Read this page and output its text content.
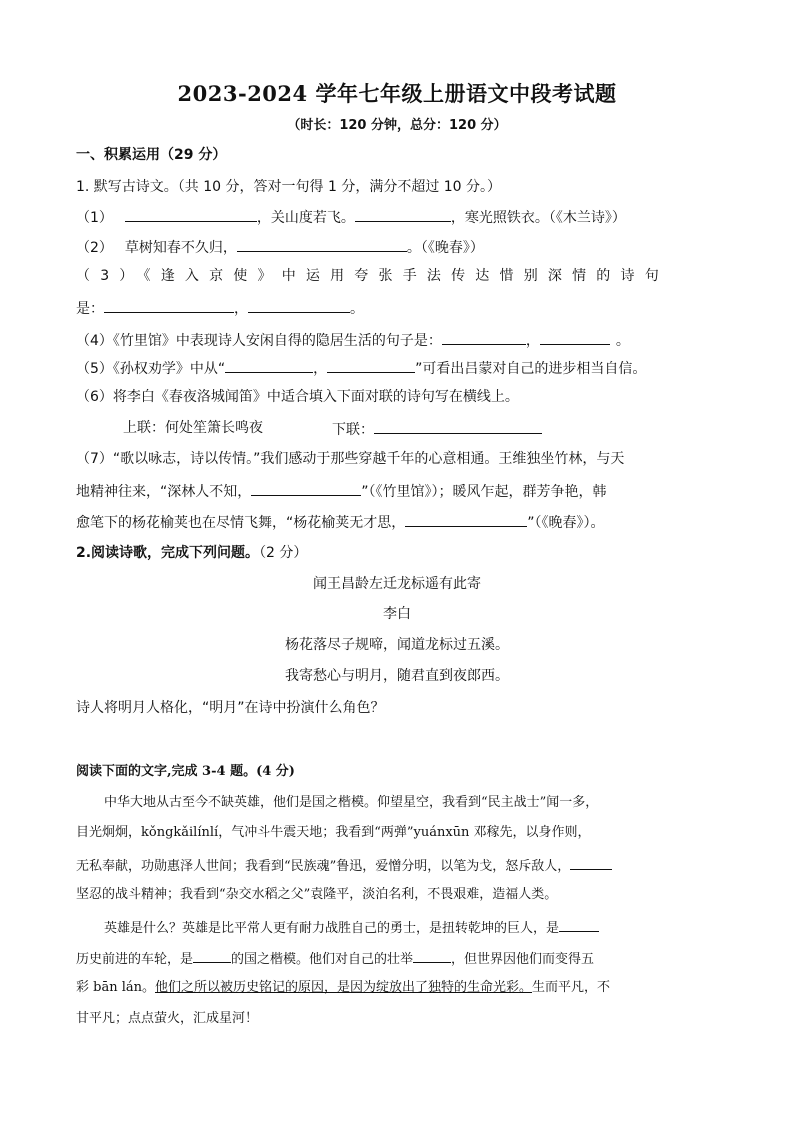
2023-2024 学年七年级上册语文中段考试题
（时长：120 分钟，总分：120 分）
一、积累运用（29 分）
1. 默写古诗文。（共 10 分，答对一句得 1 分，满分不超过 10 分。）
（1）	，关山度若飞。	，寒光照铁衣。（《木兰诗》）
（2） 草树知春不久归，	。（《晚春》）
（3）《逢入京使》中运用夸张手法传达惜别深情的诗句
是：	，	。
（4）《竹里馆》中表现诗人安闲自得的隐居生活的句子是：	，	。
（5）《孙权劝学》中从“	，	”可看出吕蒙对自己的进步相当自信。
（6）将李白《春夜洛城闻笛》中适合填入下面对联的诗句写在横线上。
上联：何处笙箫长鸣夜	下联：
（7）“歌以咏志，诗以传情。”我们感动于那些穿越千年的心意相通。王维独坐竹林，与天
地精神往来，“深林人不知，	”（《竹里馆》）；暖风乍起，群芳争艳，韩
愈笔下的杨花榆荚也在尽情飞舞，“杨花榆荚无才思，	”（《晚春》）。
2.阅读诗歌，完成下列问题。（2 分）
闻王昌龄左迁龙标遥有此寄
李白
杨花落尽子规啼，闻道龙标过五溪。
我寄愁心与明月，随君直到夜郎西。
诗人将明月人格化，“明月”在诗中扮演什么角色？
阅读下面的文字,完成 3-4 题。(4 分)
中华大地从古至今不缺英雄，他们是国之楷模。仰望星空，我看到“民主战士”闻一多，
目光炯炯，kǒngkǎilínlí，气冲斗牛震天地；我看到“两弹”yuánxūn 邓稼先，以身作则，
无私奉献，功勋惠泽人世间；我看到“民族魂”鲁迅，爱憎分明，以笔为戈，怒斥敌人，
坚忍的战斗精神；我看到“杂交水稻之父”袁隆平，淡泊名利，不畏艰难，造福人类。
英雄是什么？英雄是比平常人更有耐力战胜自己的勇士，是扭转乾坤的巨人，是
历史前进的车轮，是	的国之楷模。他们对自己的壮举	，但世界因他们而变得五
彩 bān lán。他们之所以被历史铭记的原因，是因为绽放出了独特的生命光彩。生而平凡，不
甘平凡；点点萤火，汇成星河！
